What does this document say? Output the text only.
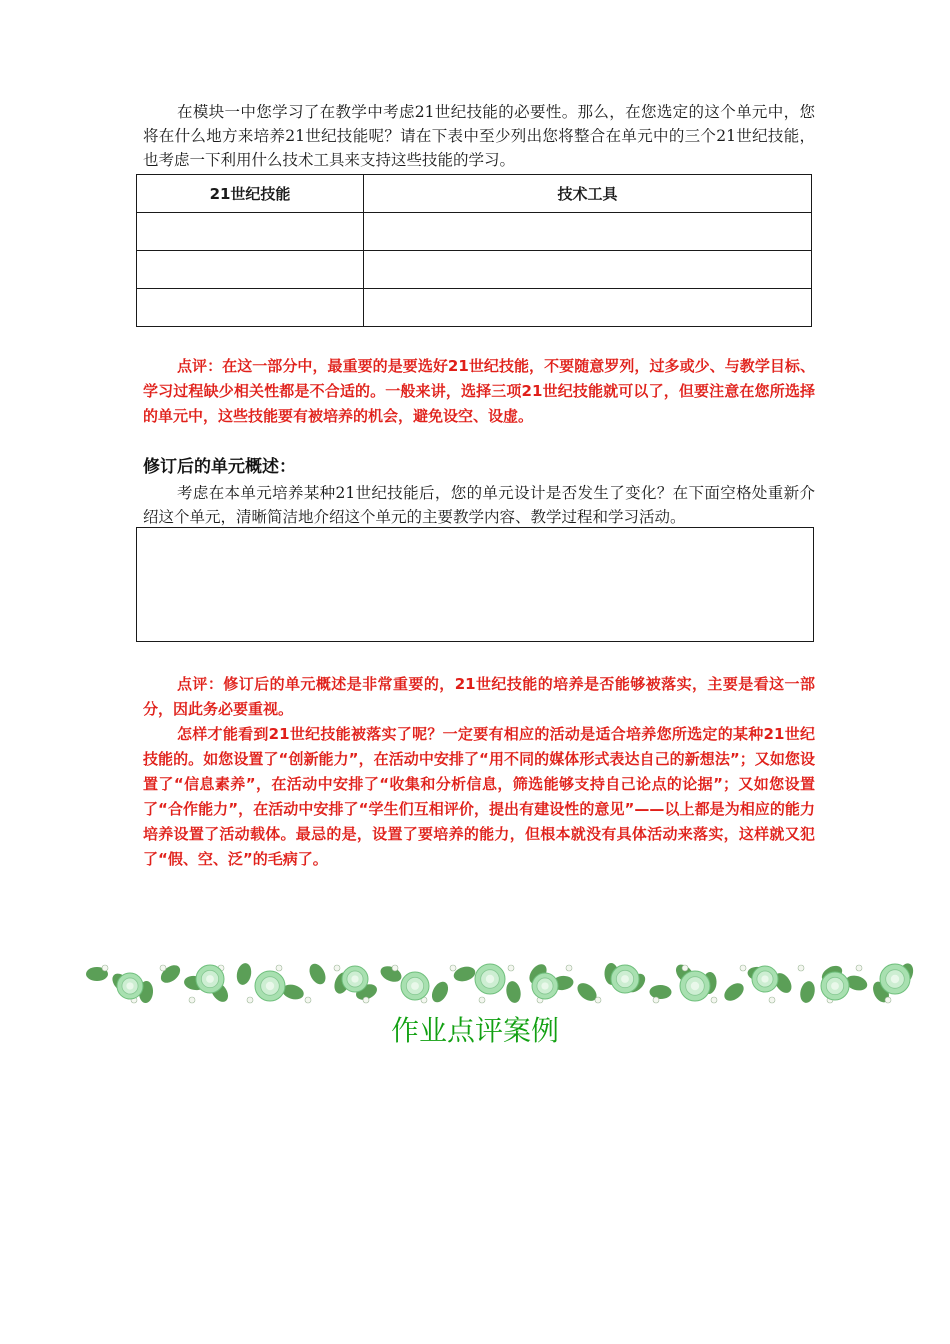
在模块一中您学习了在教学中考虑21世纪技能的必要性。那么，在您选定的这个单元中，您将在什么地方来培养21世纪技能呢？请在下表中至少列出您将整合在单元中的三个21世纪技能，也考虑一下利用什么技术工具来支持这些技能的学习。

21世纪技能	技术工具

点评：在这一部分中，最重要的是要选好21世纪技能，不要随意罗列，过多或少、与教学目标、学习过程缺少相关性都是不合适的。一般来讲，选择三项21世纪技能就可以了，但要注意在您所选择的单元中，这些技能要有被培养的机会，避免设空、设虚。

修订后的单元概述：

考虑在本单元培养某种21世纪技能后，您的单元设计是否发生了变化？在下面空格处重新介绍这个单元，清晰简洁地介绍这个单元的主要教学内容、教学过程和学习活动。

点评：修订后的单元概述是非常重要的，21世纪技能的培养是否能够被落实，主要是看这一部分，因此务必要重视。

怎样才能看到21世纪技能被落实了呢？一定要有相应的活动是适合培养您所选定的某种21世纪技能的。如您设置了“创新能力”，在活动中安排了“用不同的媒体形式表达自己的新想法”；又如您设置了“信息素养”，在活动中安排了“收集和分析信息，筛选能够支持自己论点的论据”；又如您设置了“合作能力”，在活动中安排了“学生们互相评价，提出有建设性的意见”——以上都是为相应的能力培养设置了活动载体。最忌的是，设置了要培养的能力，但根本就没有具体活动来落实，这样就又犯了“假、空、泛”的毛病了。

作业点评案例
